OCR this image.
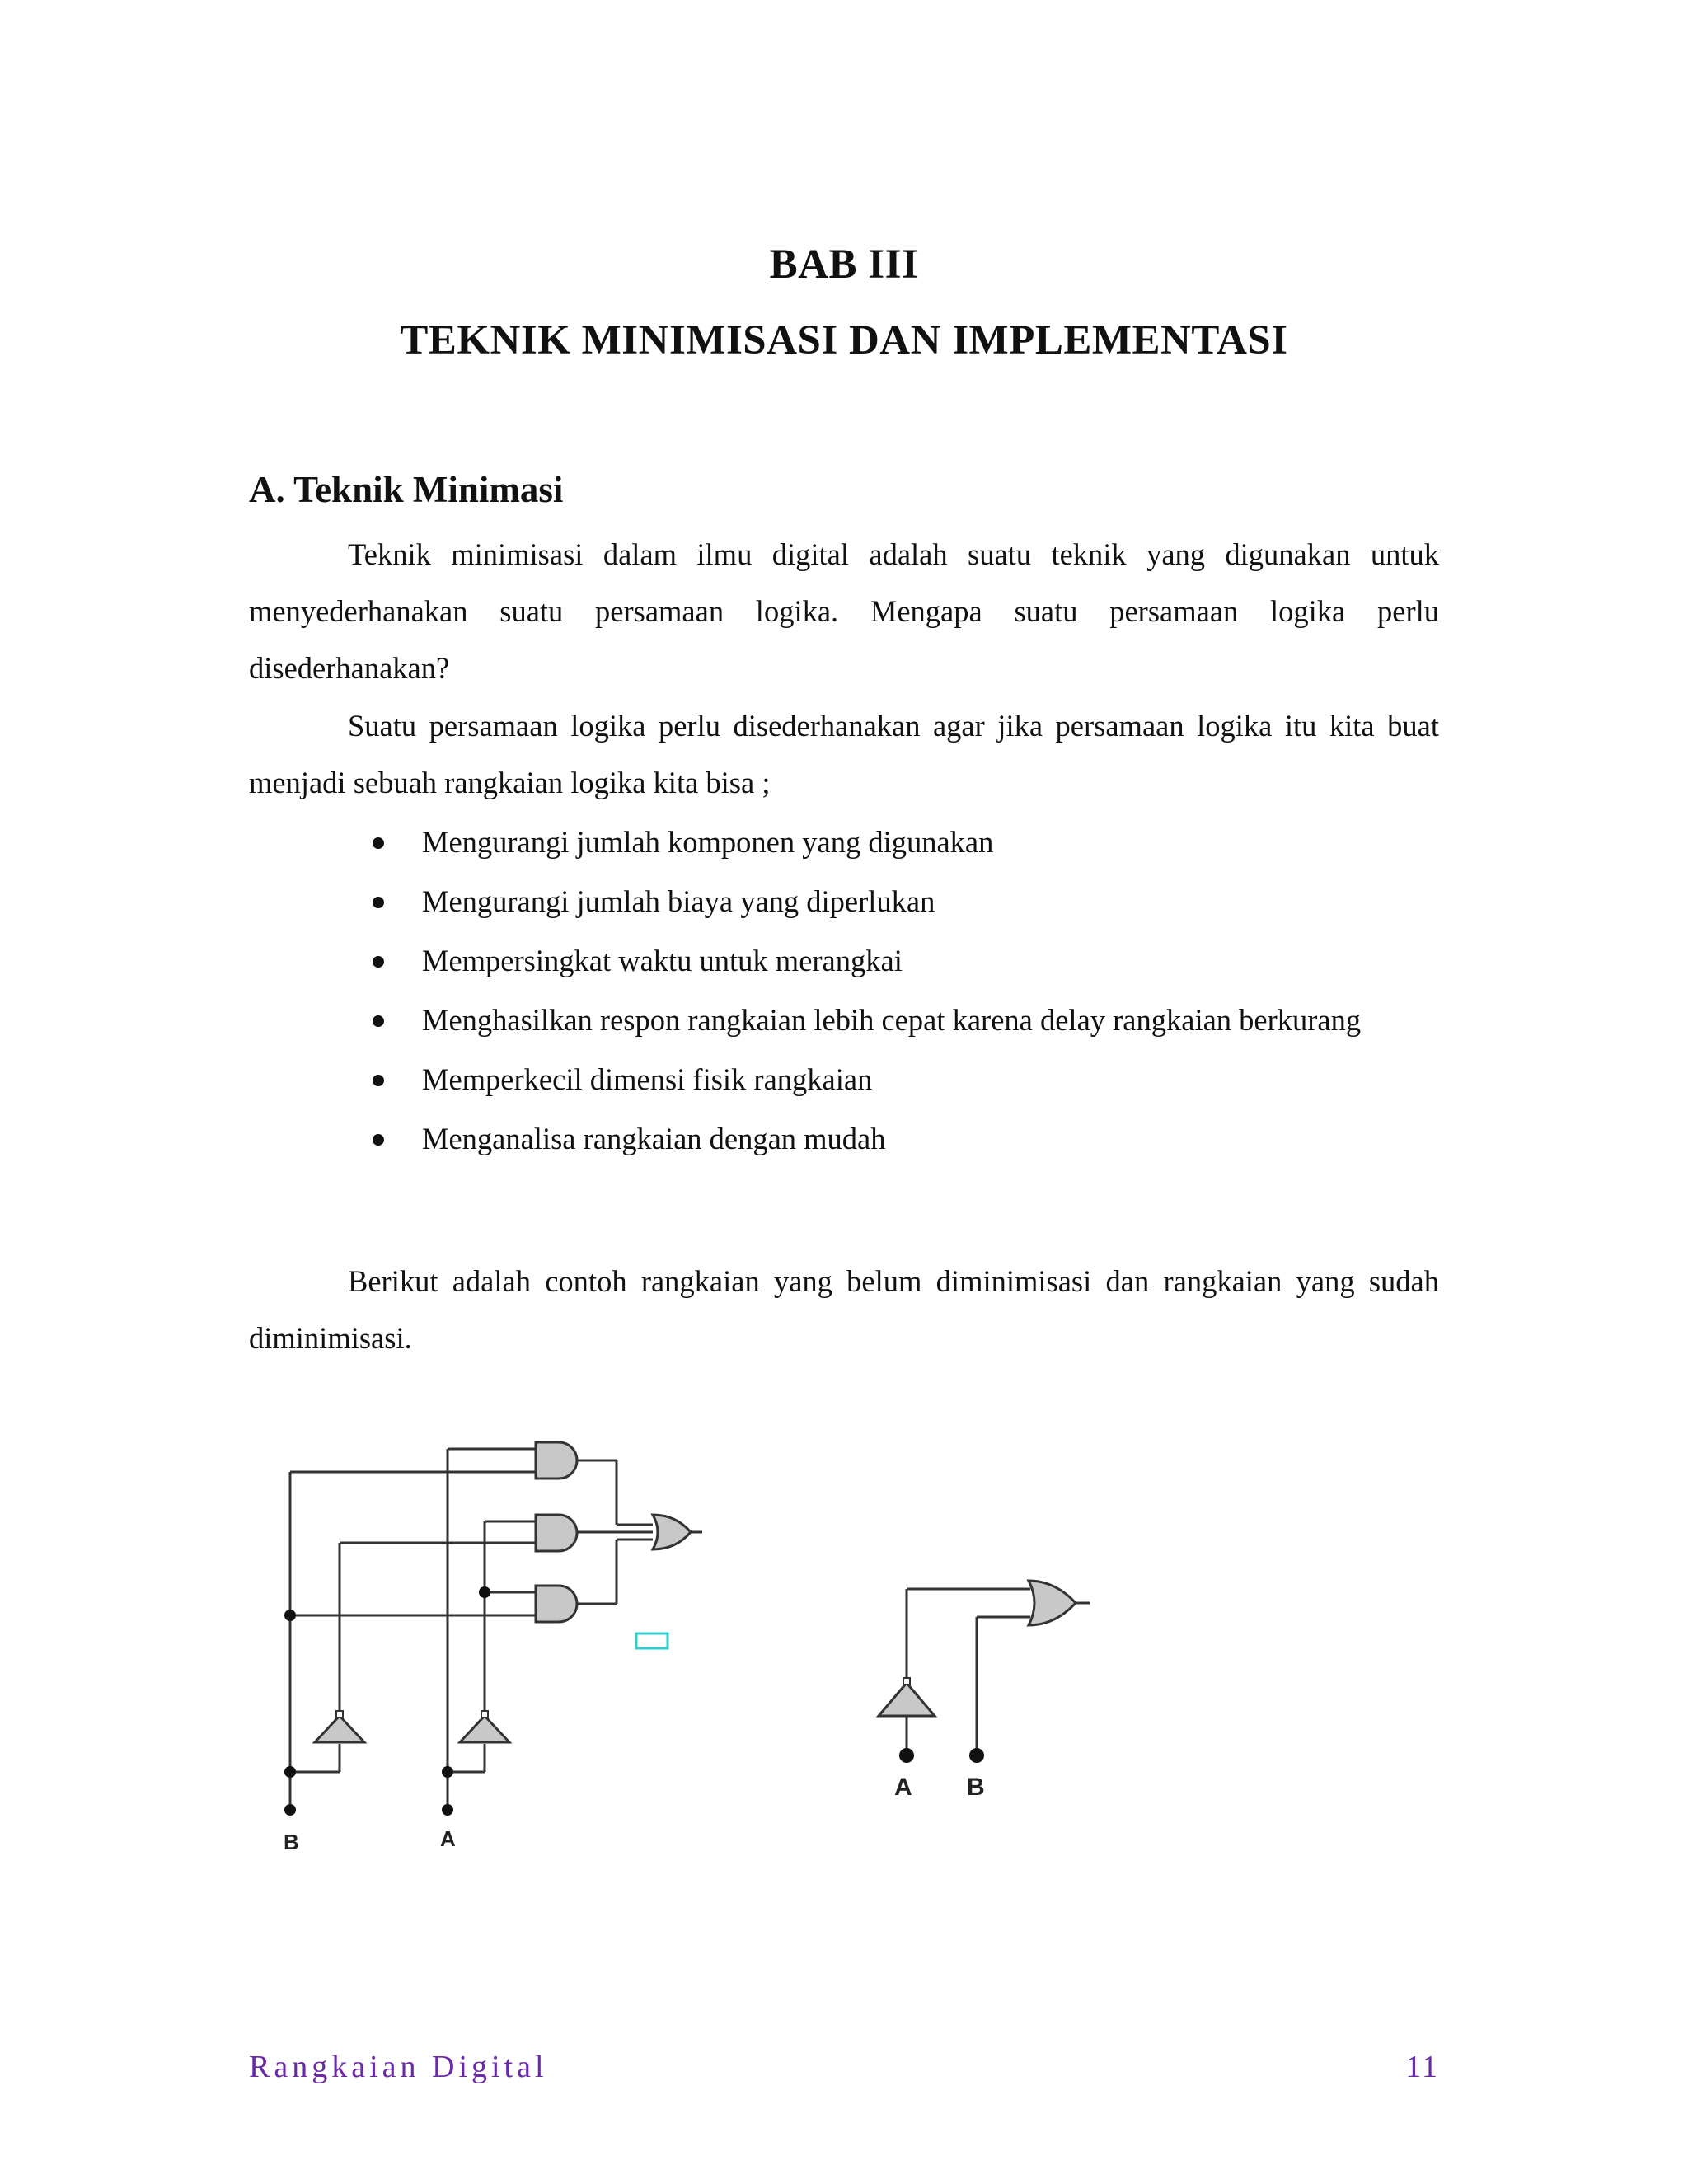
BAB III
TEKNIK MINIMISASI DAN IMPLEMENTASI
A. Teknik Minimasi

Teknik minimisasi dalam ilmu digital adalah suatu teknik yang digunakan untuk menyederhanakan suatu persamaan logika. Mengapa suatu persamaan logika perlu disederhanakan?

Suatu persamaan logika perlu disederhanakan agar jika persamaan logika itu kita buat menjadi sebuah rangkaian logika kita bisa ;

Mengurangi jumlah komponen yang digunakan
Mengurangi jumlah biaya yang diperlukan
Mempersingkat waktu untuk merangkai
Menghasilkan respon rangkaian lebih cepat karena delay rangkaian berkurang
Memperkecil dimensi fisik rangkaian
Menganalisa rangkaian dengan mudah

Berikut adalah contoh rangkaian yang belum diminimisasi dan rangkaian yang sudah diminimisasi.

B	A
A B
Rangkaian Digital	11
